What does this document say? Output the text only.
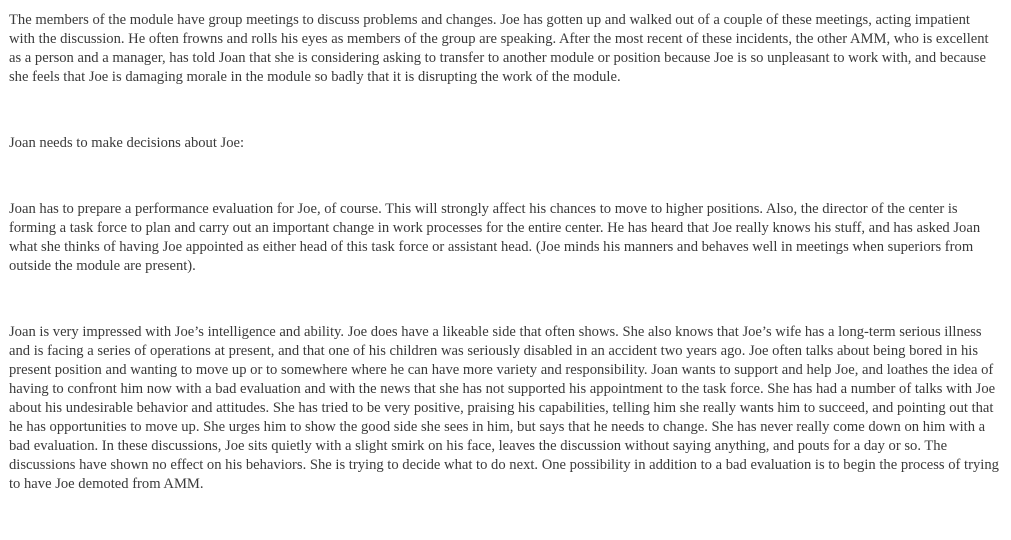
The members of the module have group meetings to discuss problems and changes. Joe has gotten up and walked out of a couple of these meetings, acting impatient with the discussion. He often frowns and rolls his eyes as members of the group are speaking. After the most recent of these incidents, the other AMM, who is excellent as a person and a manager, has told Joan that she is considering asking to transfer to another module or position because Joe is so unpleasant to work with, and because she feels that Joe is damaging morale in the module so badly that it is disrupting the work of the module.

Joan needs to make decisions about Joe:

Joan has to prepare a performance evaluation for Joe, of course. This will strongly affect his chances to move to higher positions. Also, the director of the center is forming a task force to plan and carry out an important change in work processes for the entire center. He has heard that Joe really knows his stuff, and has asked Joan what she thinks of having Joe appointed as either head of this task force or assistant head. (Joe minds his manners and behaves well in meetings when superiors from outside the module are present).

Joan is very impressed with Joe’s intelligence and ability. Joe does have a likeable side that often shows. She also knows that Joe’s wife has a long-term serious illness and is facing a series of operations at present, and that one of his children was seriously disabled in an accident two years ago. Joe often talks about being bored in his present position and wanting to move up or to somewhere where he can have more variety and responsibility. Joan wants to support and help Joe, and loathes the idea of having to confront him now with a bad evaluation and with the news that she has not supported his appointment to the task force. She has had a number of talks with Joe about his undesirable behavior and attitudes. She has tried to be very positive, praising his capabilities, telling him she really wants him to succeed, and pointing out that he has opportunities to move up. She urges him to show the good side she sees in him, but says that he needs to change. She has never really come down on him with a bad evaluation. In these discussions, Joe sits quietly with a slight smirk on his face, leaves the discussion without saying anything, and pouts for a day or so. The discussions have shown no effect on his behaviors. She is trying to decide what to do next. One possibility in addition to a bad evaluation is to begin the process of trying to have Joe demoted from AMM.
